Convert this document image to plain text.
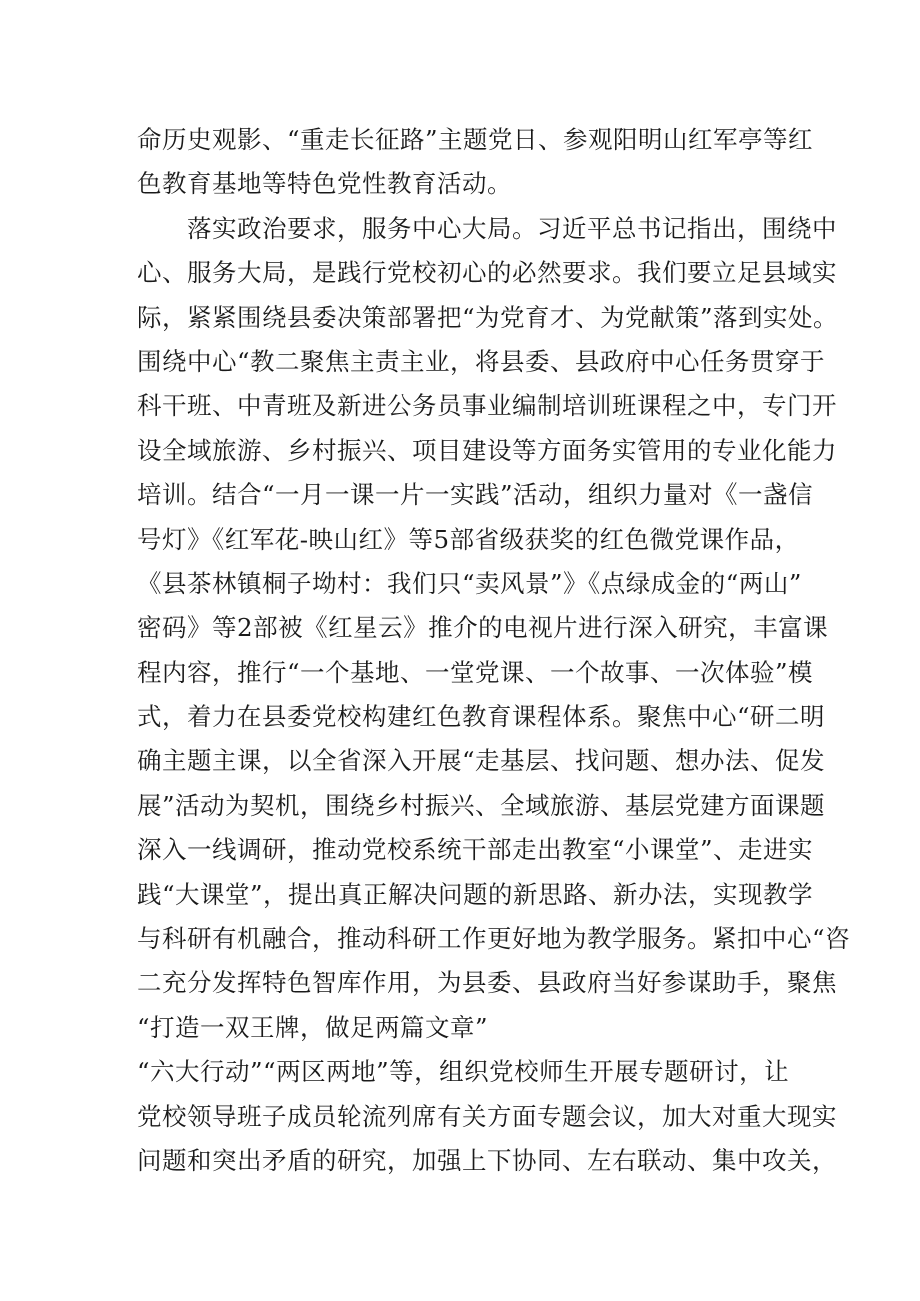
命历史观影、“重走长征路”主题党日、参观阳明山红军亭等红
色教育基地等特色党性教育活动。
　　落实政治要求，服务中心大局。习近平总书记指出，围绕中
心、服务大局，是践行党校初心的必然要求。我们要立足县域实
际，紧紧围绕县委决策部署把“为党育才、为党献策”落到实处。
围绕中心“教二聚焦主责主业，将县委、县政府中心任务贯穿于
科干班、中青班及新进公务员事业编制培训班课程之中，专门开
设全域旅游、乡村振兴、项目建设等方面务实管用的专业化能力
培训。结合“一月一课一片一实践”活动，组织力量对《一盏信
号灯》《红军花-映山红》等5部省级获奖的红色微党课作品，
《县茶林镇桐子坳村：我们只“卖风景”》《点绿成金的“两山”
密码》等2部被《红星云》推介的电视片进行深入研究，丰富课
程内容，推行“一个基地、一堂党课、一个故事、一次体验”模
式，着力在县委党校构建红色教育课程体系。聚焦中心“研二明
确主题主课，以全省深入开展“走基层、找问题、想办法、促发
展”活动为契机，围绕乡村振兴、全域旅游、基层党建方面课题
深入一线调研，推动党校系统干部走出教室“小课堂”、走进实
践“大课堂”，提出真正解决问题的新思路、新办法，实现教学
与科研有机融合，推动科研工作更好地为教学服务。紧扣中心“咨
二充分发挥特色智库作用，为县委、县政府当好参谋助手，聚焦
“打造一双王牌，做足两篇文章”
“六大行动”“两区两地”等，组织党校师生开展专题研讨，让
党校领导班子成员轮流列席有关方面专题会议，加大对重大现实
问题和突出矛盾的研究，加强上下协同、左右联动、集中攻关，
